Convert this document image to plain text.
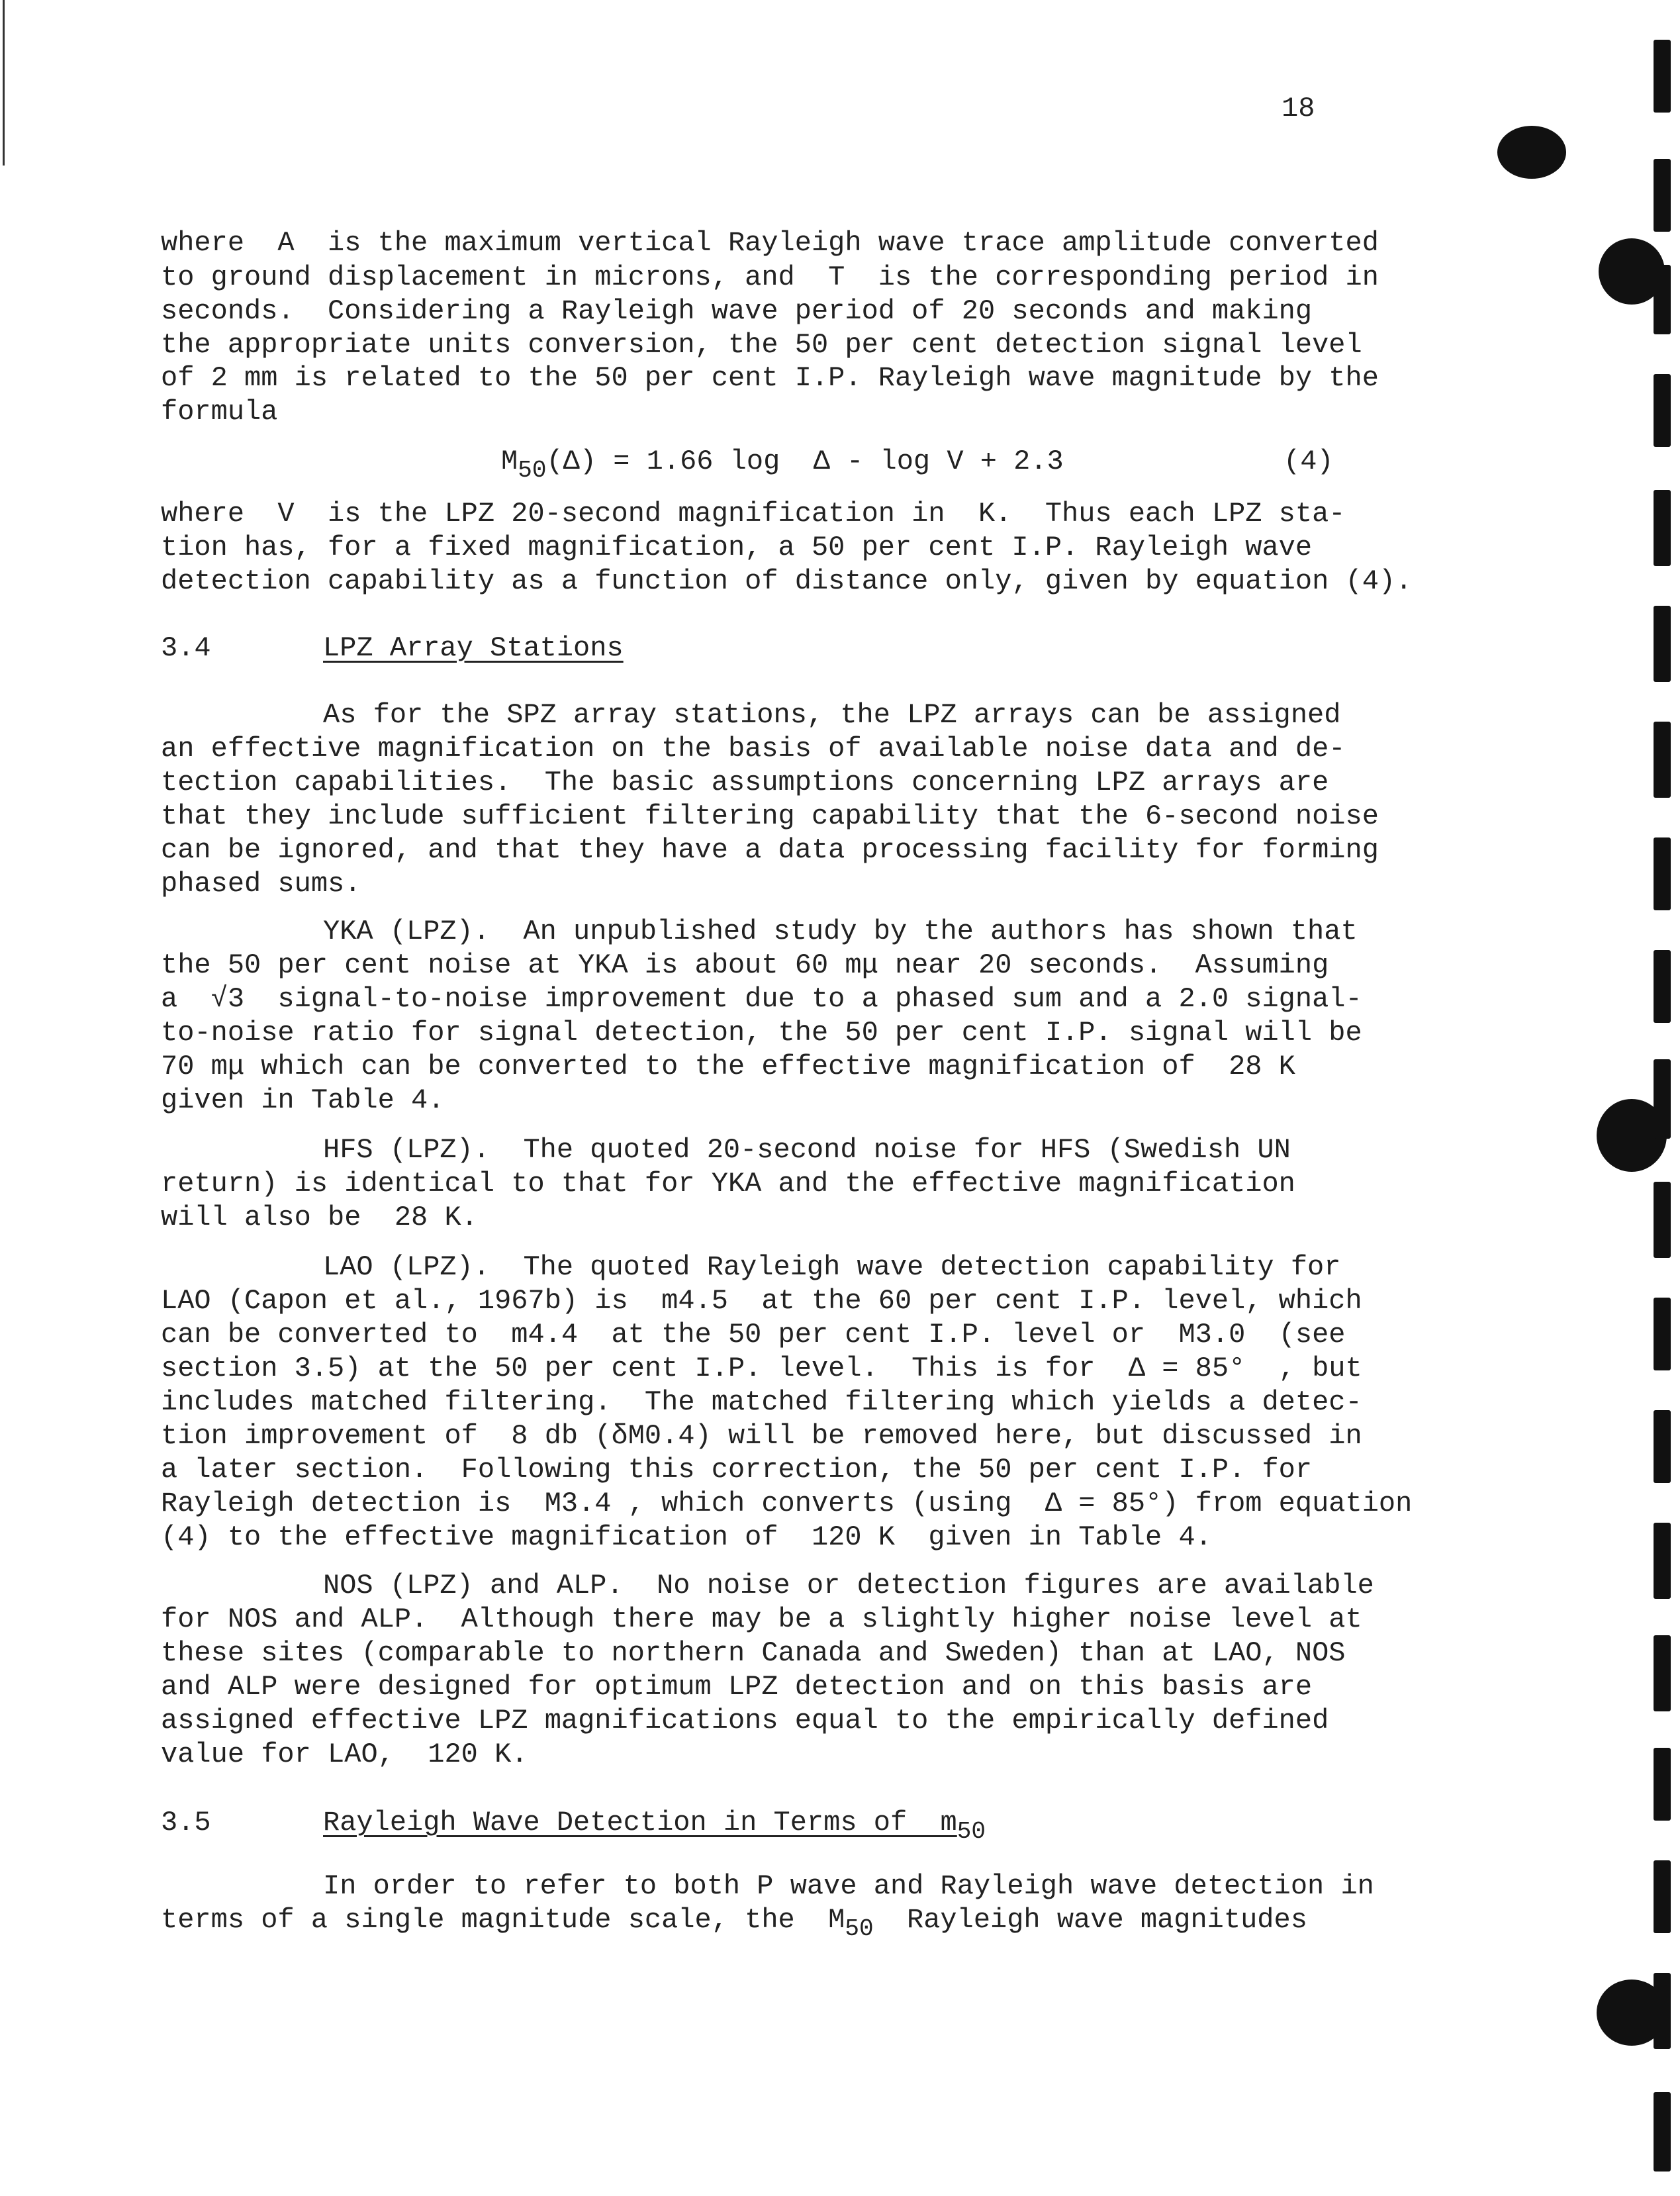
18
where  A  is the maximum vertical Rayleigh wave trace amplitude converted
to ground displacement in microns, and  T  is the corresponding period in
seconds.  Considering a Rayleigh wave period of 20 seconds and making
the appropriate units conversion, the 50 per cent detection signal level
of 2 mm is related to the 50 per cent I.P. Rayleigh wave magnitude by the
formula
M50(Δ) = 1.66 log  Δ - log V + 2.3	(4)
where  V  is the LPZ 20-second magnification in  K.  Thus each LPZ sta-
tion has, for a fixed magnification, a 50 per cent I.P. Rayleigh wave
detection capability as a function of distance only, given by equation (4).
3.4	LPZ Array Stations
As for the SPZ array stations, the LPZ arrays can be assigned
an effective magnification on the basis of available noise data and de-
tection capabilities.  The basic assumptions concerning LPZ arrays are
that they include sufficient filtering capability that the 6-second noise
can be ignored, and that they have a data processing facility for forming
phased sums.
YKA (LPZ).  An unpublished study by the authors has shown that
the 50 per cent noise at YKA is about 60 mμ near 20 seconds.  Assuming
a  √3  signal-to-noise improvement due to a phased sum and a 2.0 signal-
to-noise ratio for signal detection, the 50 per cent I.P. signal will be
70 mμ which can be converted to the effective magnification of  28 K
given in Table 4.
HFS (LPZ).  The quoted 20-second noise for HFS (Swedish UN
return) is identical to that for YKA and the effective magnification
will also be  28 K.
LAO (LPZ).  The quoted Rayleigh wave detection capability for
LAO (Capon et al., 1967b) is  m4.5  at the 60 per cent I.P. level, which
can be converted to  m4.4  at the 50 per cent I.P. level or  M3.0  (see
section 3.5) at the 50 per cent I.P. level.  This is for  Δ = 85°  , but
includes matched filtering.  The matched filtering which yields a detec-
tion improvement of  8 db (δM0.4) will be removed here, but discussed in
a later section.  Following this correction, the 50 per cent I.P. for
Rayleigh detection is  M3.4 , which converts (using  Δ = 85°) from equation
(4) to the effective magnification of  120 K  given in Table 4.
NOS (LPZ) and ALP.  No noise or detection figures are available
for NOS and ALP.  Although there may be a slightly higher noise level at
these sites (comparable to northern Canada and Sweden) than at LAO, NOS
and ALP were designed for optimum LPZ detection and on this basis are
assigned effective LPZ magnifications equal to the empirically defined
value for LAO,  120 K.
3.5	Rayleigh Wave Detection in Terms of  m50
In order to refer to both P wave and Rayleigh wave detection in
terms of a single magnitude scale, the  M50  Rayleigh wave magnitudes
